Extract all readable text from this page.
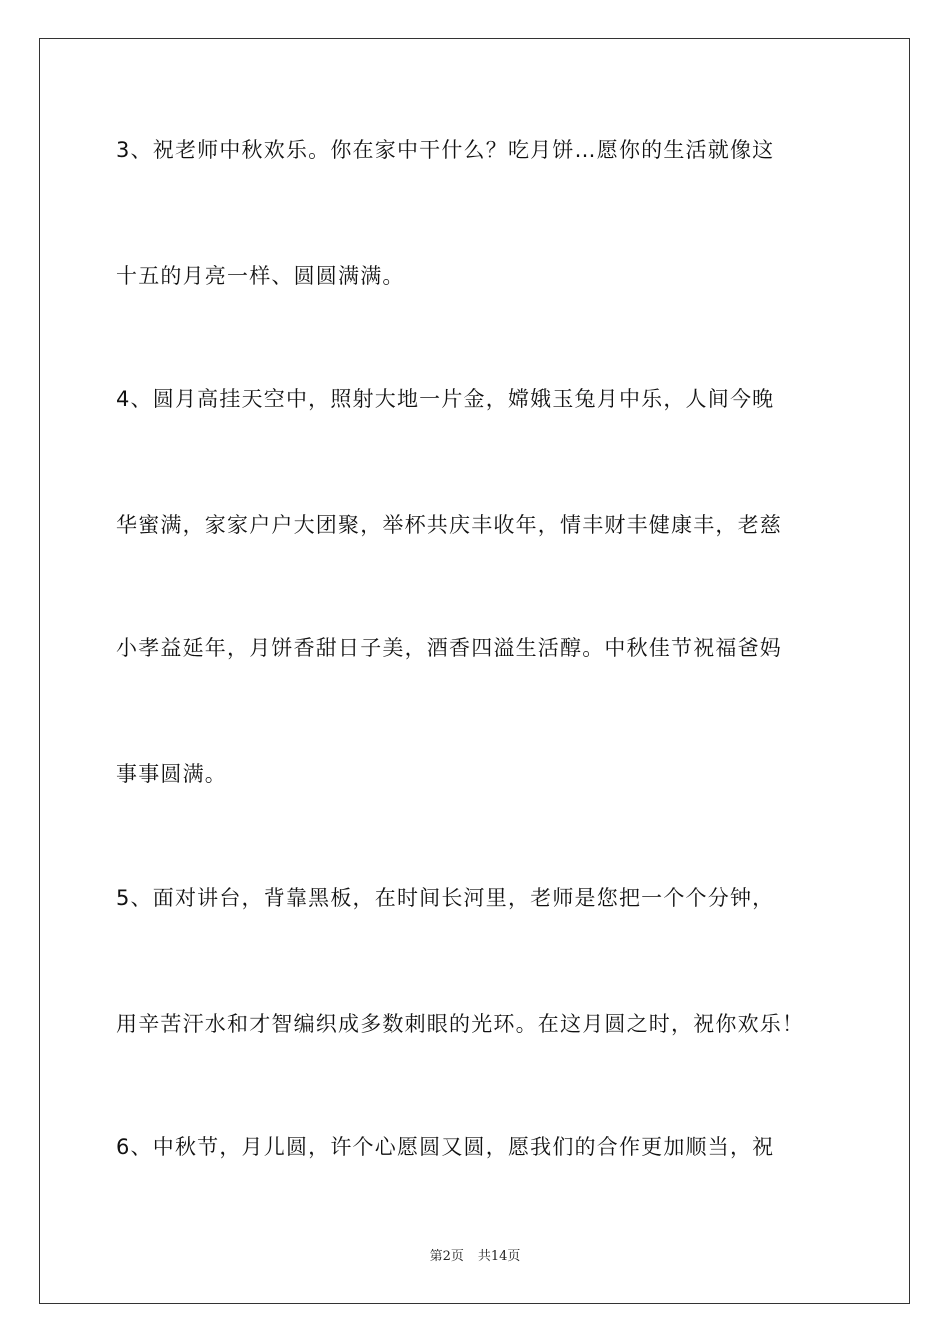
3、祝老师中秋欢乐。你在家中干什么？吃月饼…愿你的生活就像这
十五的月亮一样、圆圆满满。
4、圆月高挂天空中，照射大地一片金，嫦娥玉兔月中乐，人间今晚
华蜜满，家家户户大团聚，举杯共庆丰收年，情丰财丰健康丰，老慈
小孝益延年，月饼香甜日子美，酒香四溢生活醇。中秋佳节祝福爸妈
事事圆满。
5、面对讲台，背靠黑板，在时间长河里，老师是您把一个个分钟，
用辛苦汗水和才智编织成多数刺眼的光环。在这月圆之时，祝你欢乐！
6、中秋节，月儿圆，许个心愿圆又圆，愿我们的合作更加顺当，祝
第2页 共14页
